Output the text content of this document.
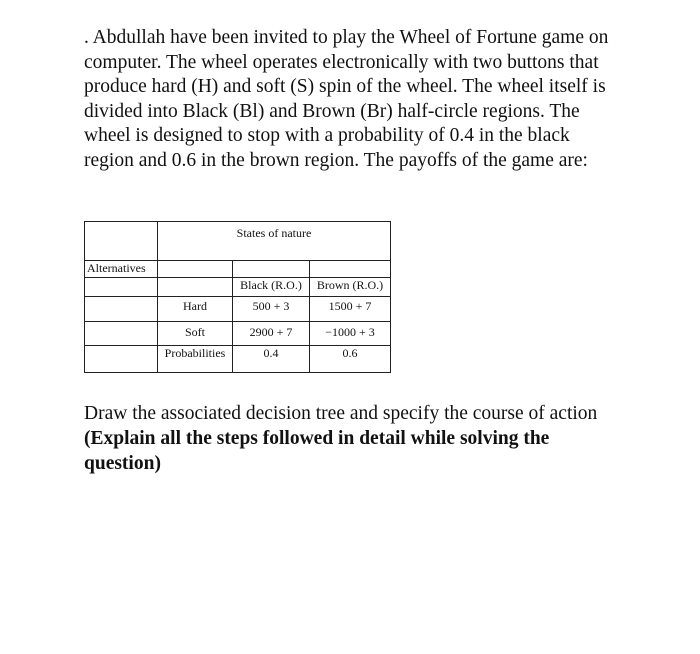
. Abdullah have been invited to play the Wheel of Fortune game on computer. The wheel operates electronically with two buttons that produce hard (H) and soft (S) spin of the wheel. The wheel itself is divided into Black (Bl) and Brown (Br) half-circle regions. The wheel is designed to stop with a probability of 0.4 in the black region and 0.6 in the brown region. The payoffs of the game are:

	States of nature		
Alternatives			
		Black (R.O.)	Brown (R.O.)
	Hard	500 + 3	1500 + 7
	Soft	2900 + 7	−1000 + 3
	Probabilities	0.4	0.6
Draw the associated decision tree and specify the course of action
(Explain all the steps followed in detail while solving the question)
